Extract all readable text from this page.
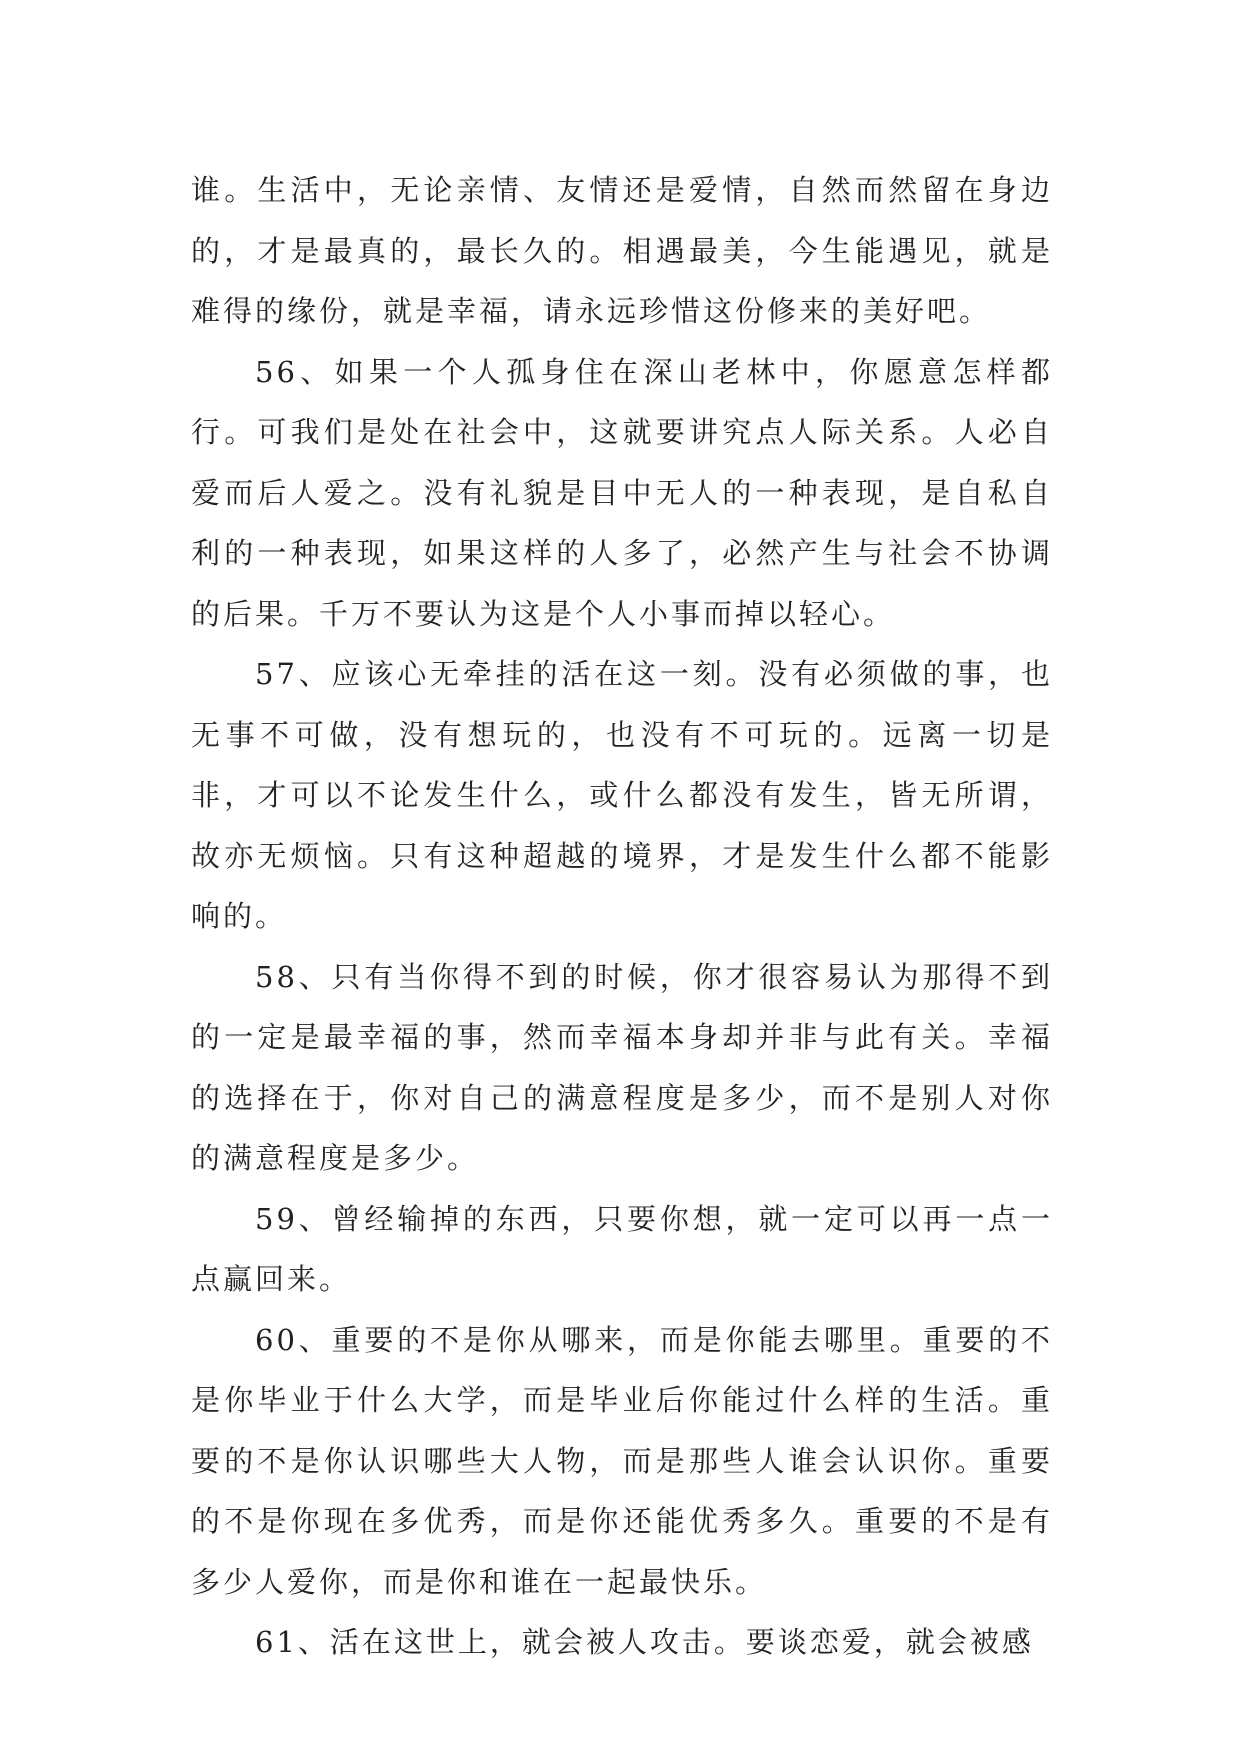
谁。生活中，无论亲情、友情还是爱情，自然而然留在身边的，才是最真的，最长久的。相遇最美，今生能遇见，就是难得的缘份，就是幸福，请永远珍惜这份修来的美好吧。

56、如果一个人孤身住在深山老林中，你愿意怎样都行。可我们是处在社会中，这就要讲究点人际关系。人必自爱而后人爱之。没有礼貌是目中无人的一种表现，是自私自利的一种表现，如果这样的人多了，必然产生与社会不协调的后果。千万不要认为这是个人小事而掉以轻心。

57、应该心无牵挂的活在这一刻。没有必须做的事，也无事不可做，没有想玩的，也没有不可玩的。远离一切是非，才可以不论发生什么，或什么都没有发生，皆无所谓，故亦无烦恼。只有这种超越的境界，才是发生什么都不能影响的。

58、只有当你得不到的时候，你才很容易认为那得不到的一定是最幸福的事，然而幸福本身却并非与此有关。幸福的选择在于，你对自己的满意程度是多少，而不是别人对你的满意程度是多少。

59、曾经输掉的东西，只要你想，就一定可以再一点一点赢回来。

60、重要的不是你从哪来，而是你能去哪里。重要的不是你毕业于什么大学，而是毕业后你能过什么样的生活。重要的不是你认识哪些大人物，而是那些人谁会认识你。重要的不是你现在多优秀，而是你还能优秀多久。重要的不是有多少人爱你，而是你和谁在一起最快乐。

61、活在这世上，就会被人攻击。要谈恋爱，就会被感
